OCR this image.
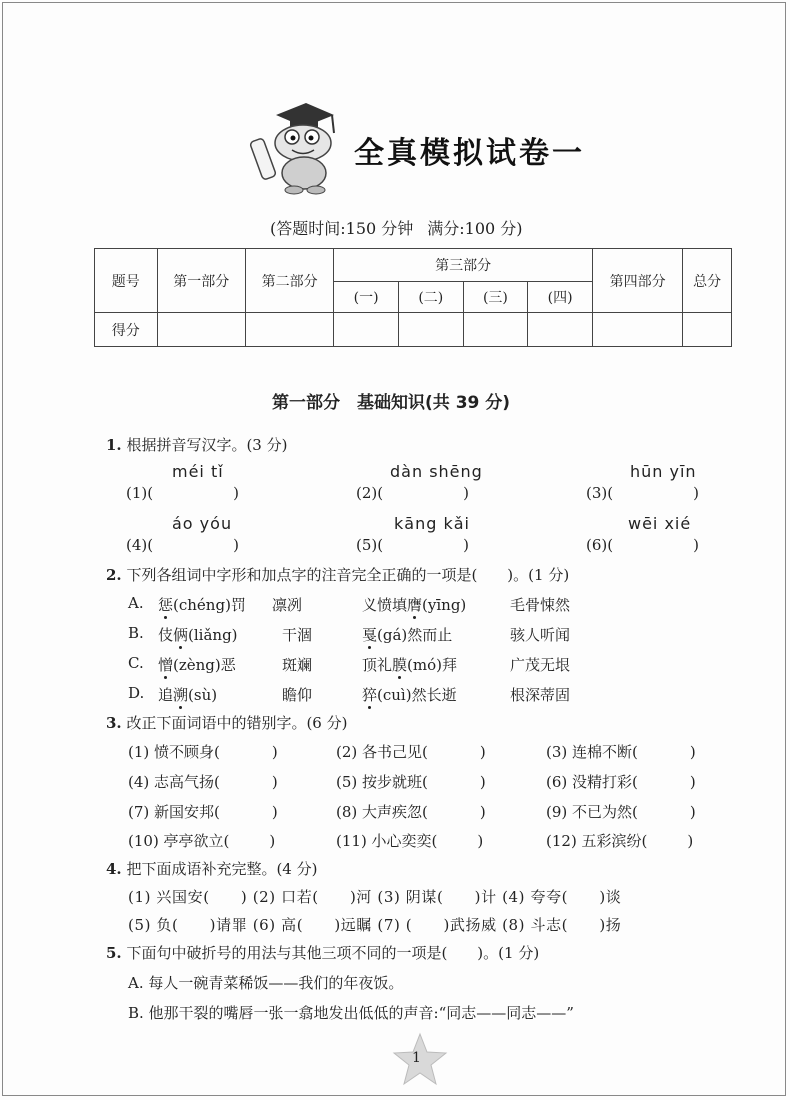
全真模拟试卷一
(答题时间:150 分钟 满分:100 分)
题号	第一部分	第二部分	第三部分				第四部分	总分
			(一)	(二)	(三)	(四)		
得分								
第一部分　基础知识(共 39 分)
1. 根据拼音写汉字。(3 分)
méi tǐ	dàn shēng	hūn yīn
(1)(	)	(2)(	)	(3)(	)
áo yóu	kāng kǎi	wēi xié
(4)(	)	(5)(	)	(6)(	)
2. 下列各组词中字形和加点字的注音完全正确的一项是(　　)。(1 分)
A. 惩(chéng)罚 凛冽	义愤填膺(yīng)	毛骨悚然
B. 伎俩(liǎng)	干涸	戛(gá)然而止	骇人听闻
C. 憎(zèng)恶	斑斓	顶礼膜(mó)拜	广茂无垠
D. 追溯(sù)	瞻仰	猝(cuì)然长逝	根深蒂固
3. 改正下面词语中的错别字。(6 分)
(1) 愤不顾身(	)	(2) 各书己见(	)	(3) 连棉不断(	)
(4) 志高气扬(	)	(5) 按步就班(	)	(6) 没精打彩(	)
(7) 新国安邦(	)	(8) 大声疾忽(	)	(9) 不已为然(	)
(10) 亭亭欲立(	)	(11) 小心奕奕(	)	(12) 五彩滨纷(	)
4. 把下面成语补充完整。(4 分)
(1) 兴国安(　　) (2) 口若(　　)河 (3) 阴谋(　　)计 (4) 夸夸(　　)谈
(5) 负(　　)请罪 (6) 高(　　)远瞩 (7) (　　)武扬威 (8) 斗志(　　)扬
5. 下面句中破折号的用法与其他三项不同的一项是(　　)。(1 分)
A. 每人一碗青菜稀饭——我们的年夜饭。
B. 他那干裂的嘴唇一张一翕地发出低低的声音:“同志——同志——”
1
